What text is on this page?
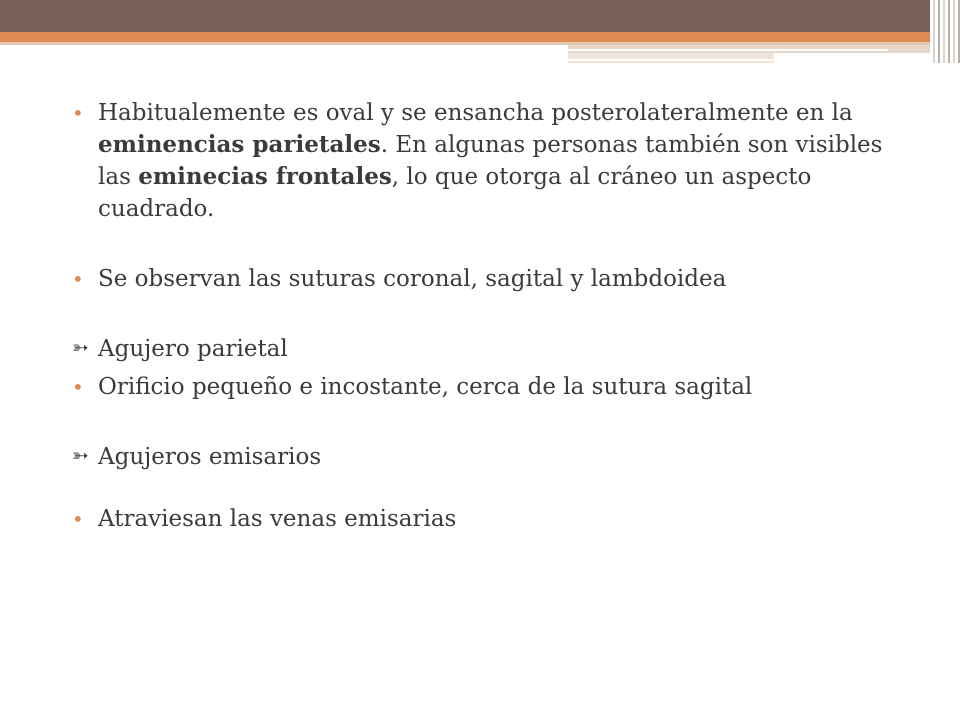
• Habitualemente es oval y se ensancha posterolateralmente en la eminencias parietales. En algunas personas también son visibles las eminecias frontales, lo que otorga al cráneo un aspecto cuadrado.

• Se observan las suturas coronal, sagital y lambdoidea

➳ Agujero parietal

• Orificio pequeño e incostante, cerca de la sutura sagital

➳ Agujeros emisarios

• Atraviesan las venas emisarias
